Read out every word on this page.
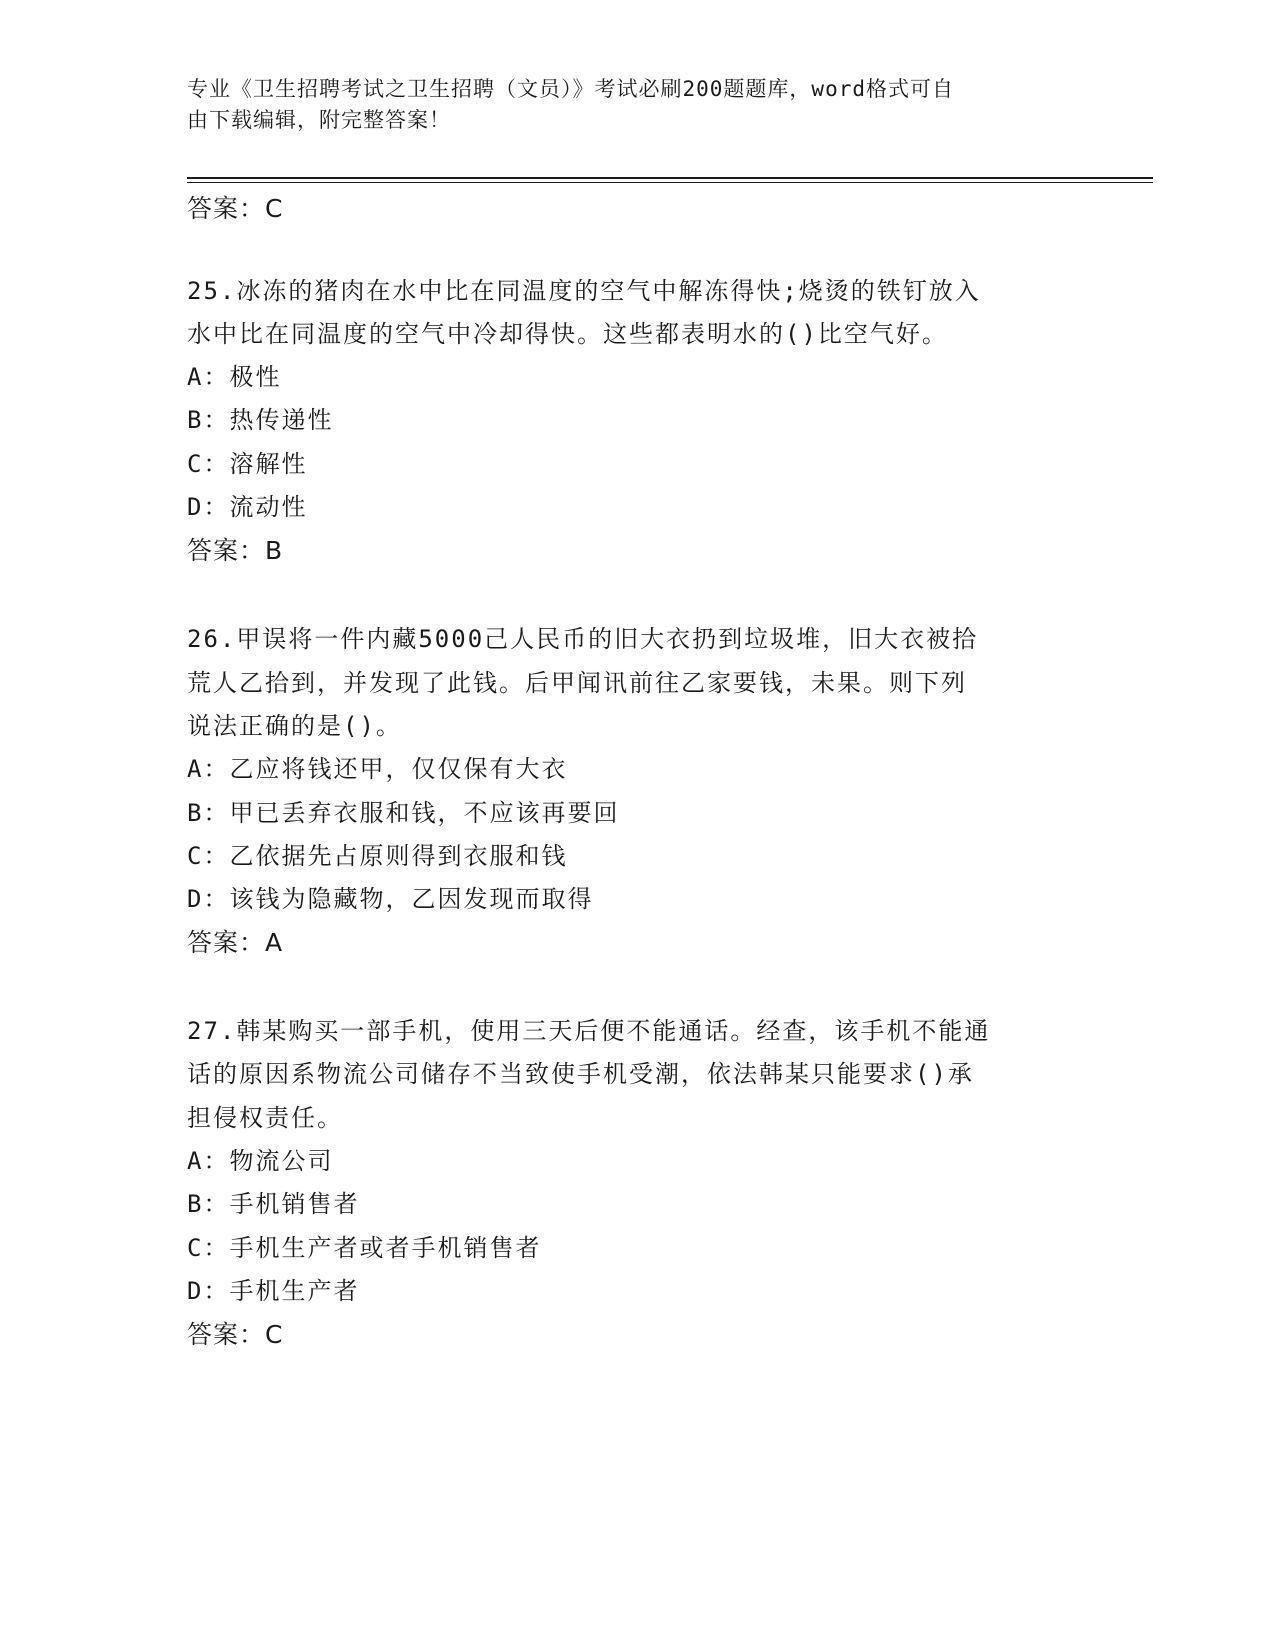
专业《卫生招聘考试之卫生招聘（文员）》考试必刷200题题库，word格式可自
由下载编辑，附完整答案！
答案：C
25.冰冻的猪肉在水中比在同温度的空气中解冻得快;烧烫的铁钉放入
水中比在同温度的空气中冷却得快。这些都表明水的()比空气好。
A：极性
B：热传递性
C：溶解性
D：流动性
答案：B
26.甲误将一件内藏5000己人民币的旧大衣扔到垃圾堆，旧大衣被拾
荒人乙拾到，并发现了此钱。后甲闻讯前往乙家要钱，未果。则下列
说法正确的是()。
A：乙应将钱还甲，仅仅保有大衣
B：甲已丢弃衣服和钱，不应该再要回
C：乙依据先占原则得到衣服和钱
D：该钱为隐藏物，乙因发现而取得
答案：A
27.韩某购买一部手机，使用三天后便不能通话。经查，该手机不能通
话的原因系物流公司储存不当致使手机受潮，依法韩某只能要求()承
担侵权责任。
A：物流公司
B：手机销售者
C：手机生产者或者手机销售者
D：手机生产者
答案：C
